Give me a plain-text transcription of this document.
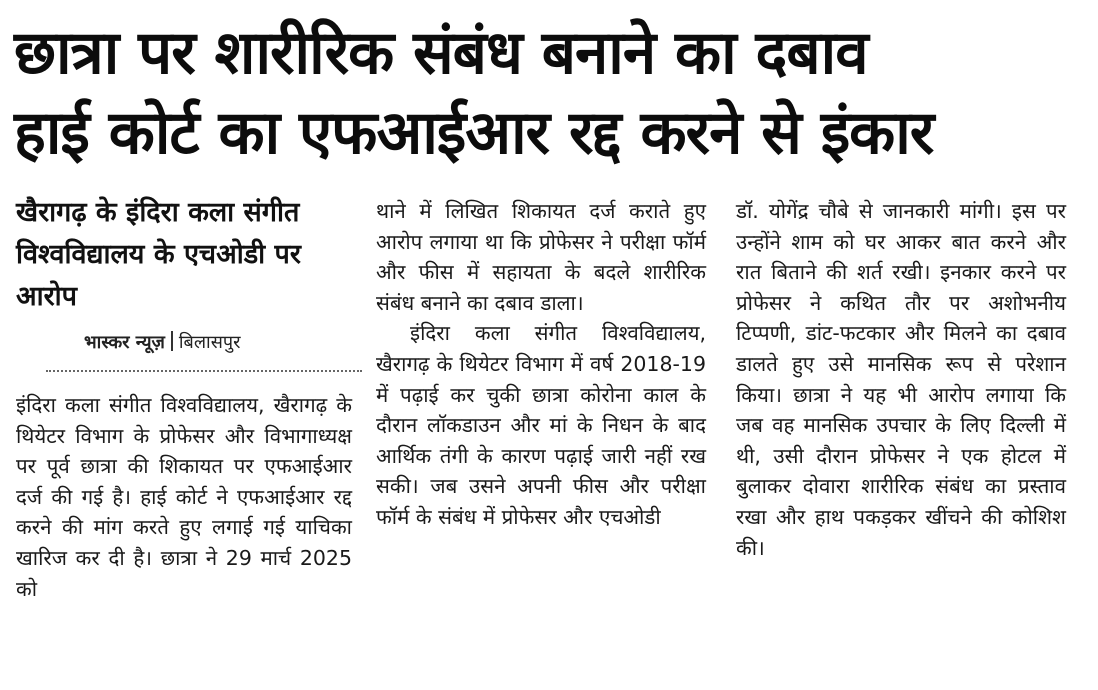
छात्रा पर शारीरिक संबंध बनाने का दबाव
हाई कोर्ट का एफआईआर रद्द करने से इंकार
खैरागढ़ के इंदिरा कला संगीत विश्वविद्यालय के एचओडी पर आरोप
भास्कर न्यूज़ बिलासपुर

इंदिरा कला संगीत विश्वविद्यालय, खैरागढ़ के थियेटर विभाग के प्रोफेसर और विभागाध्यक्ष पर पूर्व छात्रा की शिकायत पर एफआईआर दर्ज की गई है। हाई कोर्ट ने एफआईआर रद्द करने की मांग करते हुए लगाई गई याचिका खारिज कर दी है। छात्रा ने 29 मार्च 2025 को

थाने में लिखित शिकायत दर्ज कराते हुए आरोप लगाया था कि प्रोफेसर ने परीक्षा फॉर्म और फीस में सहायता के बदले शारीरिक संबंध बनाने का दबाव डाला।

इंदिरा कला संगीत विश्वविद्यालय, खैरागढ़ के थियेटर विभाग में वर्ष 2018-19 में पढ़ाई कर चुकी छात्रा कोरोना काल के दौरान लॉकडाउन और मां के निधन के बाद आर्थिक तंगी के कारण पढ़ाई जारी नहीं रख सकी। जब उसने अपनी फीस और परीक्षा फॉर्म के संबंध में प्रोफेसर और एचओडी

डॉ. योगेंद्र चौबे से जानकारी मांगी। इस पर उन्होंने शाम को घर आकर बात करने और रात बिताने की शर्त रखी। इनकार करने पर प्रोफेसर ने कथित तौर पर अशोभनीय टिप्पणी, डांट-फटकार और मिलने का दबाव डालते हुए उसे मानसिक रूप से परेशान किया। छात्रा ने यह भी आरोप लगाया कि जब वह मानसिक उपचार के लिए दिल्ली में थी, उसी दौरान प्रोफेसर ने एक होटल में बुलाकर दोवारा शारीरिक संबंध का प्रस्ताव रखा और हाथ पकड़कर खींचने की कोशिश की।
